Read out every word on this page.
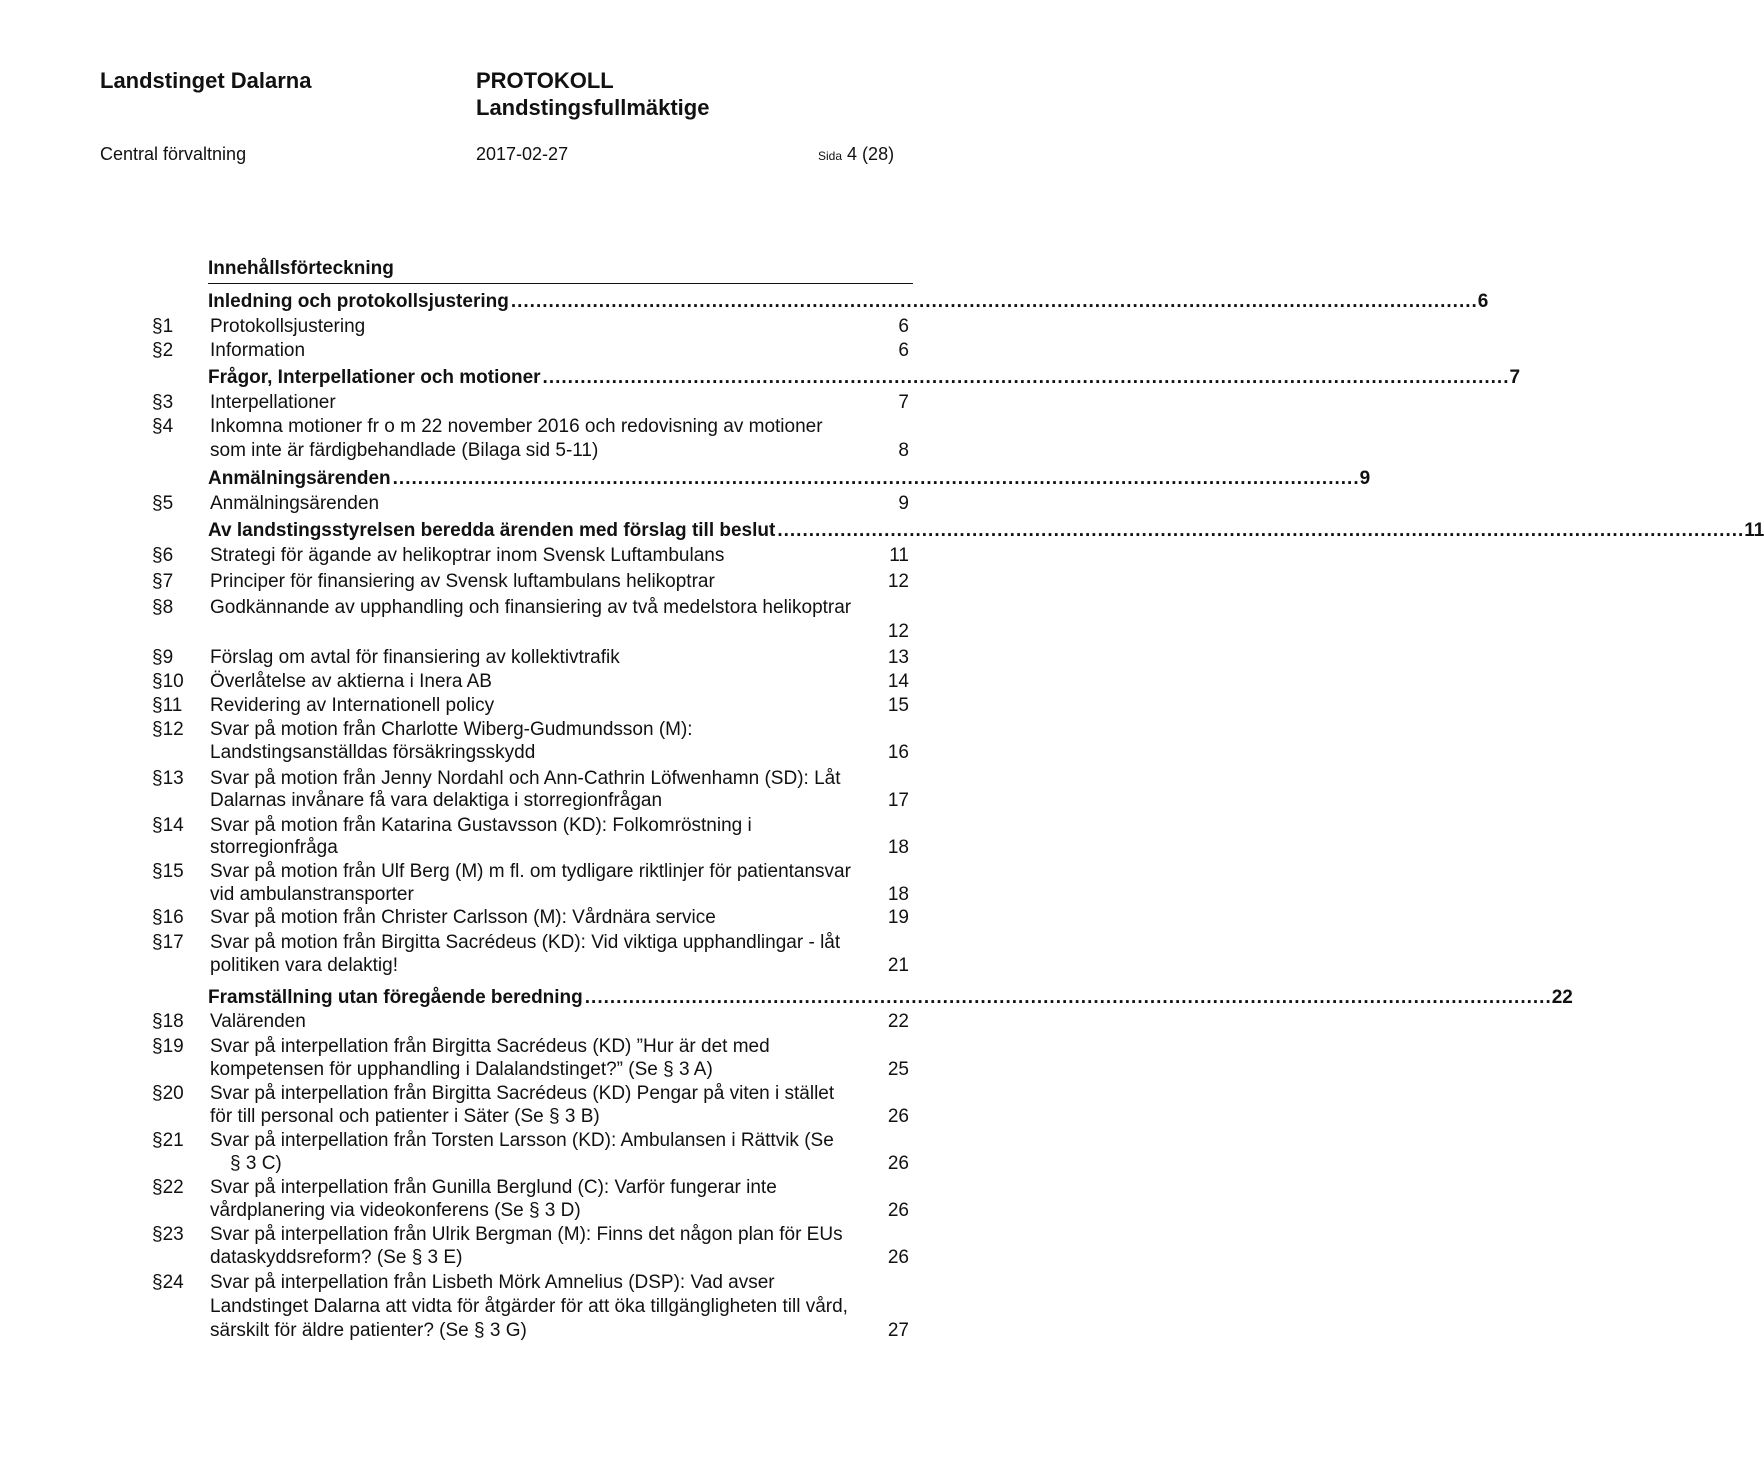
Landstinget Dalarna	PROTOKOLL
Landstingsfullmäktige
Central förvaltning	2017-02-27	Sida 4 (28)
Innehållsförteckning
Inledning och protokollsjustering .......................................................................................................................................................... 6
Frågor, Interpellationer och motioner .......................................................................................................................................................... 7
Anmälningsärenden .......................................................................................................................................................... 9
Av landstingsstyrelsen beredda ärenden med förslag till beslut .......................................................................................................................................................... 11
Framställning utan föregående beredning .......................................................................................................................................................... 22
§1 Protokollsjustering	6
§2 Information	6
§3 Interpellationer	7
§4 Inkomna motioner fr o m 22 november 2016 och redovisning av motioner
som inte är färdigbehandlade (Bilaga sid 5-11)	8
§5 Anmälningsärenden	9
§6 Strategi för ägande av helikoptrar inom Svensk Luftambulans	11
§7 Principer för finansiering av Svensk luftambulans helikoptrar	12
§8 Godkännande av upphandling och finansiering av två medelstora helikoptrar
12
§9 Förslag om avtal för finansiering av kollektivtrafik	13
§10 Överlåtelse av aktierna i Inera AB	14
§11 Revidering av Internationell policy	15
§12 Svar på motion från Charlotte Wiberg-Gudmundsson (M):
Landstingsanställdas försäkringsskydd	16
§13 Svar på motion från Jenny Nordahl och Ann-Cathrin Löfwenhamn (SD): Låt
Dalarnas invånare få vara delaktiga i storregionfrågan	17
§14 Svar på motion från Katarina Gustavsson (KD): Folkomröstning i
storregionfråga	18
§15 Svar på motion från Ulf Berg (M) m fl. om tydligare riktlinjer för patientansvar
vid ambulanstransporter	18
§16 Svar på motion från Christer Carlsson (M): Vårdnära service	19
§17 Svar på motion från Birgitta Sacrédeus (KD): Vid viktiga upphandlingar - låt
politiken vara delaktig!	21
§18 Valärenden	22
§19 Svar på interpellation från Birgitta Sacrédeus (KD) ”Hur är det med
kompetensen för upphandling i Dalalandstinget?” (Se § 3 A)	25
§20 Svar på interpellation från Birgitta Sacrédeus (KD) Pengar på viten i stället
för till personal och patienter i Säter (Se § 3 B)	26
§21 Svar på interpellation från Torsten Larsson (KD): Ambulansen i Rättvik (Se
§ 3 C)	26
§22 Svar på interpellation från Gunilla Berglund (C): Varför fungerar inte
vårdplanering via videokonferens (Se § 3 D)	26
§23 Svar på interpellation från Ulrik Bergman (M): Finns det någon plan för EUs
dataskyddsreform? (Se § 3 E)	26
§24 Svar på interpellation från Lisbeth Mörk Amnelius (DSP): Vad avser
Landstinget Dalarna att vidta för åtgärder för att öka tillgängligheten till vård,
särskilt för äldre patienter? (Se § 3 G)	27
